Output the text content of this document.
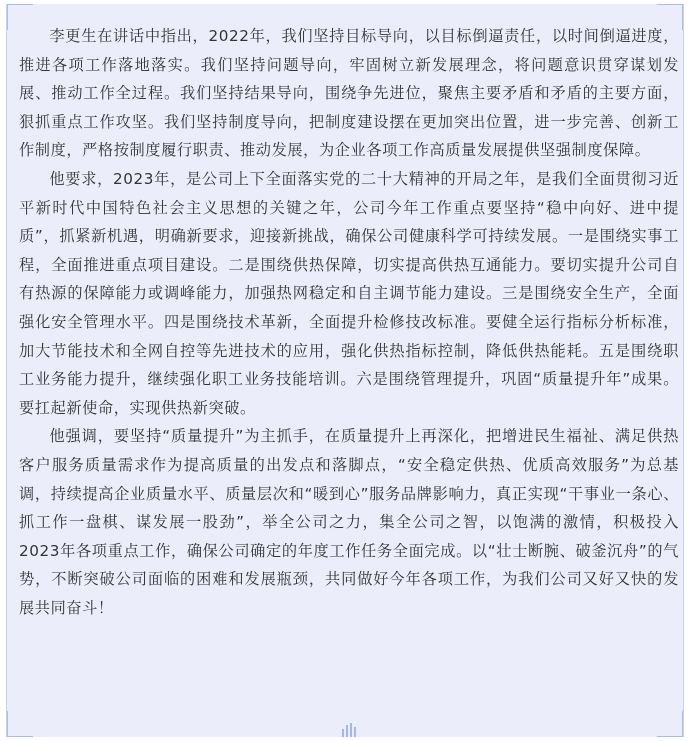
李更生在讲话中指出，2022年，我们坚持目标导向，以目标倒逼责任，以时间倒逼进度，推进各项工作落地落实。我们坚持问题导向，牢固树立新发展理念，将问题意识贯穿谋划发展、推动工作全过程。我们坚持结果导向，围绕争先进位，聚焦主要矛盾和矛盾的主要方面，狠抓重点工作攻坚。我们坚持制度导向，把制度建设摆在更加突出位置，进一步完善、创新工作制度，严格按制度履行职责、推动发展，为企业各项工作高质量发展提供坚强制度保障。

他要求，2023年，是公司上下全面落实党的二十大精神的开局之年，是我们全面贯彻习近平新时代中国特色社会主义思想的关键之年，公司今年工作重点要坚持“稳中向好、进中提质”，抓紧新机遇，明确新要求，迎接新挑战，确保公司健康科学可持续发展。一是围绕实事工程，全面推进重点项目建设。二是围绕供热保障，切实提高供热互通能力。要切实提升公司自有热源的保障能力或调峰能力，加强热网稳定和自主调节能力建设。三是围绕安全生产，全面强化安全管理水平。四是围绕技术革新，全面提升检修技改标准。要健全运行指标分析标准，加大节能技术和全网自控等先进技术的应用，强化供热指标控制，降低供热能耗。五是围绕职工业务能力提升，继续强化职工业务技能培训。六是围绕管理提升，巩固“质量提升年”成果。要扛起新使命，实现供热新突破。

他强调，要坚持“质量提升”为主抓手，在质量提升上再深化，把增进民生福祉、满足供热客户服务质量需求作为提高质量的出发点和落脚点，“安全稳定供热、优质高效服务”为总基调，持续提高企业质量水平、质量层次和“暖到心”服务品牌影响力，真正实现“干事业一条心、抓工作一盘棋、谋发展一股劲”，举全公司之力，集全公司之智，以饱满的激情，积极投入2023年各项重点工作，确保公司确定的年度工作任务全面完成。以“壮士断腕、破釜沉舟”的气势，不断突破公司面临的困难和发展瓶颈，共同做好今年各项工作，为我们公司又好又快的发展共同奋斗！
